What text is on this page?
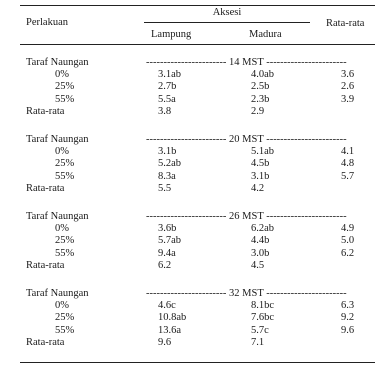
Perlakuan
Aksesi
Rata-rata
Lampung	Madura
Taraf Naungan	----------------------- 14 MST -----------------------
0%	3.1ab	4.0ab	3.6
25%	2.7b	2.5b	2.6
55%	5.5a	2.3b	3.9
Rata-rata	3.8	2.9
Taraf Naungan	----------------------- 20 MST -----------------------
0%	3.1b	5.1ab	4.1
25%	5.2ab	4.5b	4.8
55%	8.3a	3.1b	5.7
Rata-rata	5.5	4.2
Taraf Naungan	----------------------- 26 MST -----------------------
0%	3.6b	6.2ab	4.9
25%	5.7ab	4.4b	5.0
55%	9.4a	3.0b	6.2
Rata-rata	6.2	4.5
Taraf Naungan	----------------------- 32 MST -----------------------
0%	4.6c	8.1bc	6.3
25%	10.8ab	7.6bc	9.2
55%	13.6a	5.7c	9.6
Rata-rata	9.6	7.1
